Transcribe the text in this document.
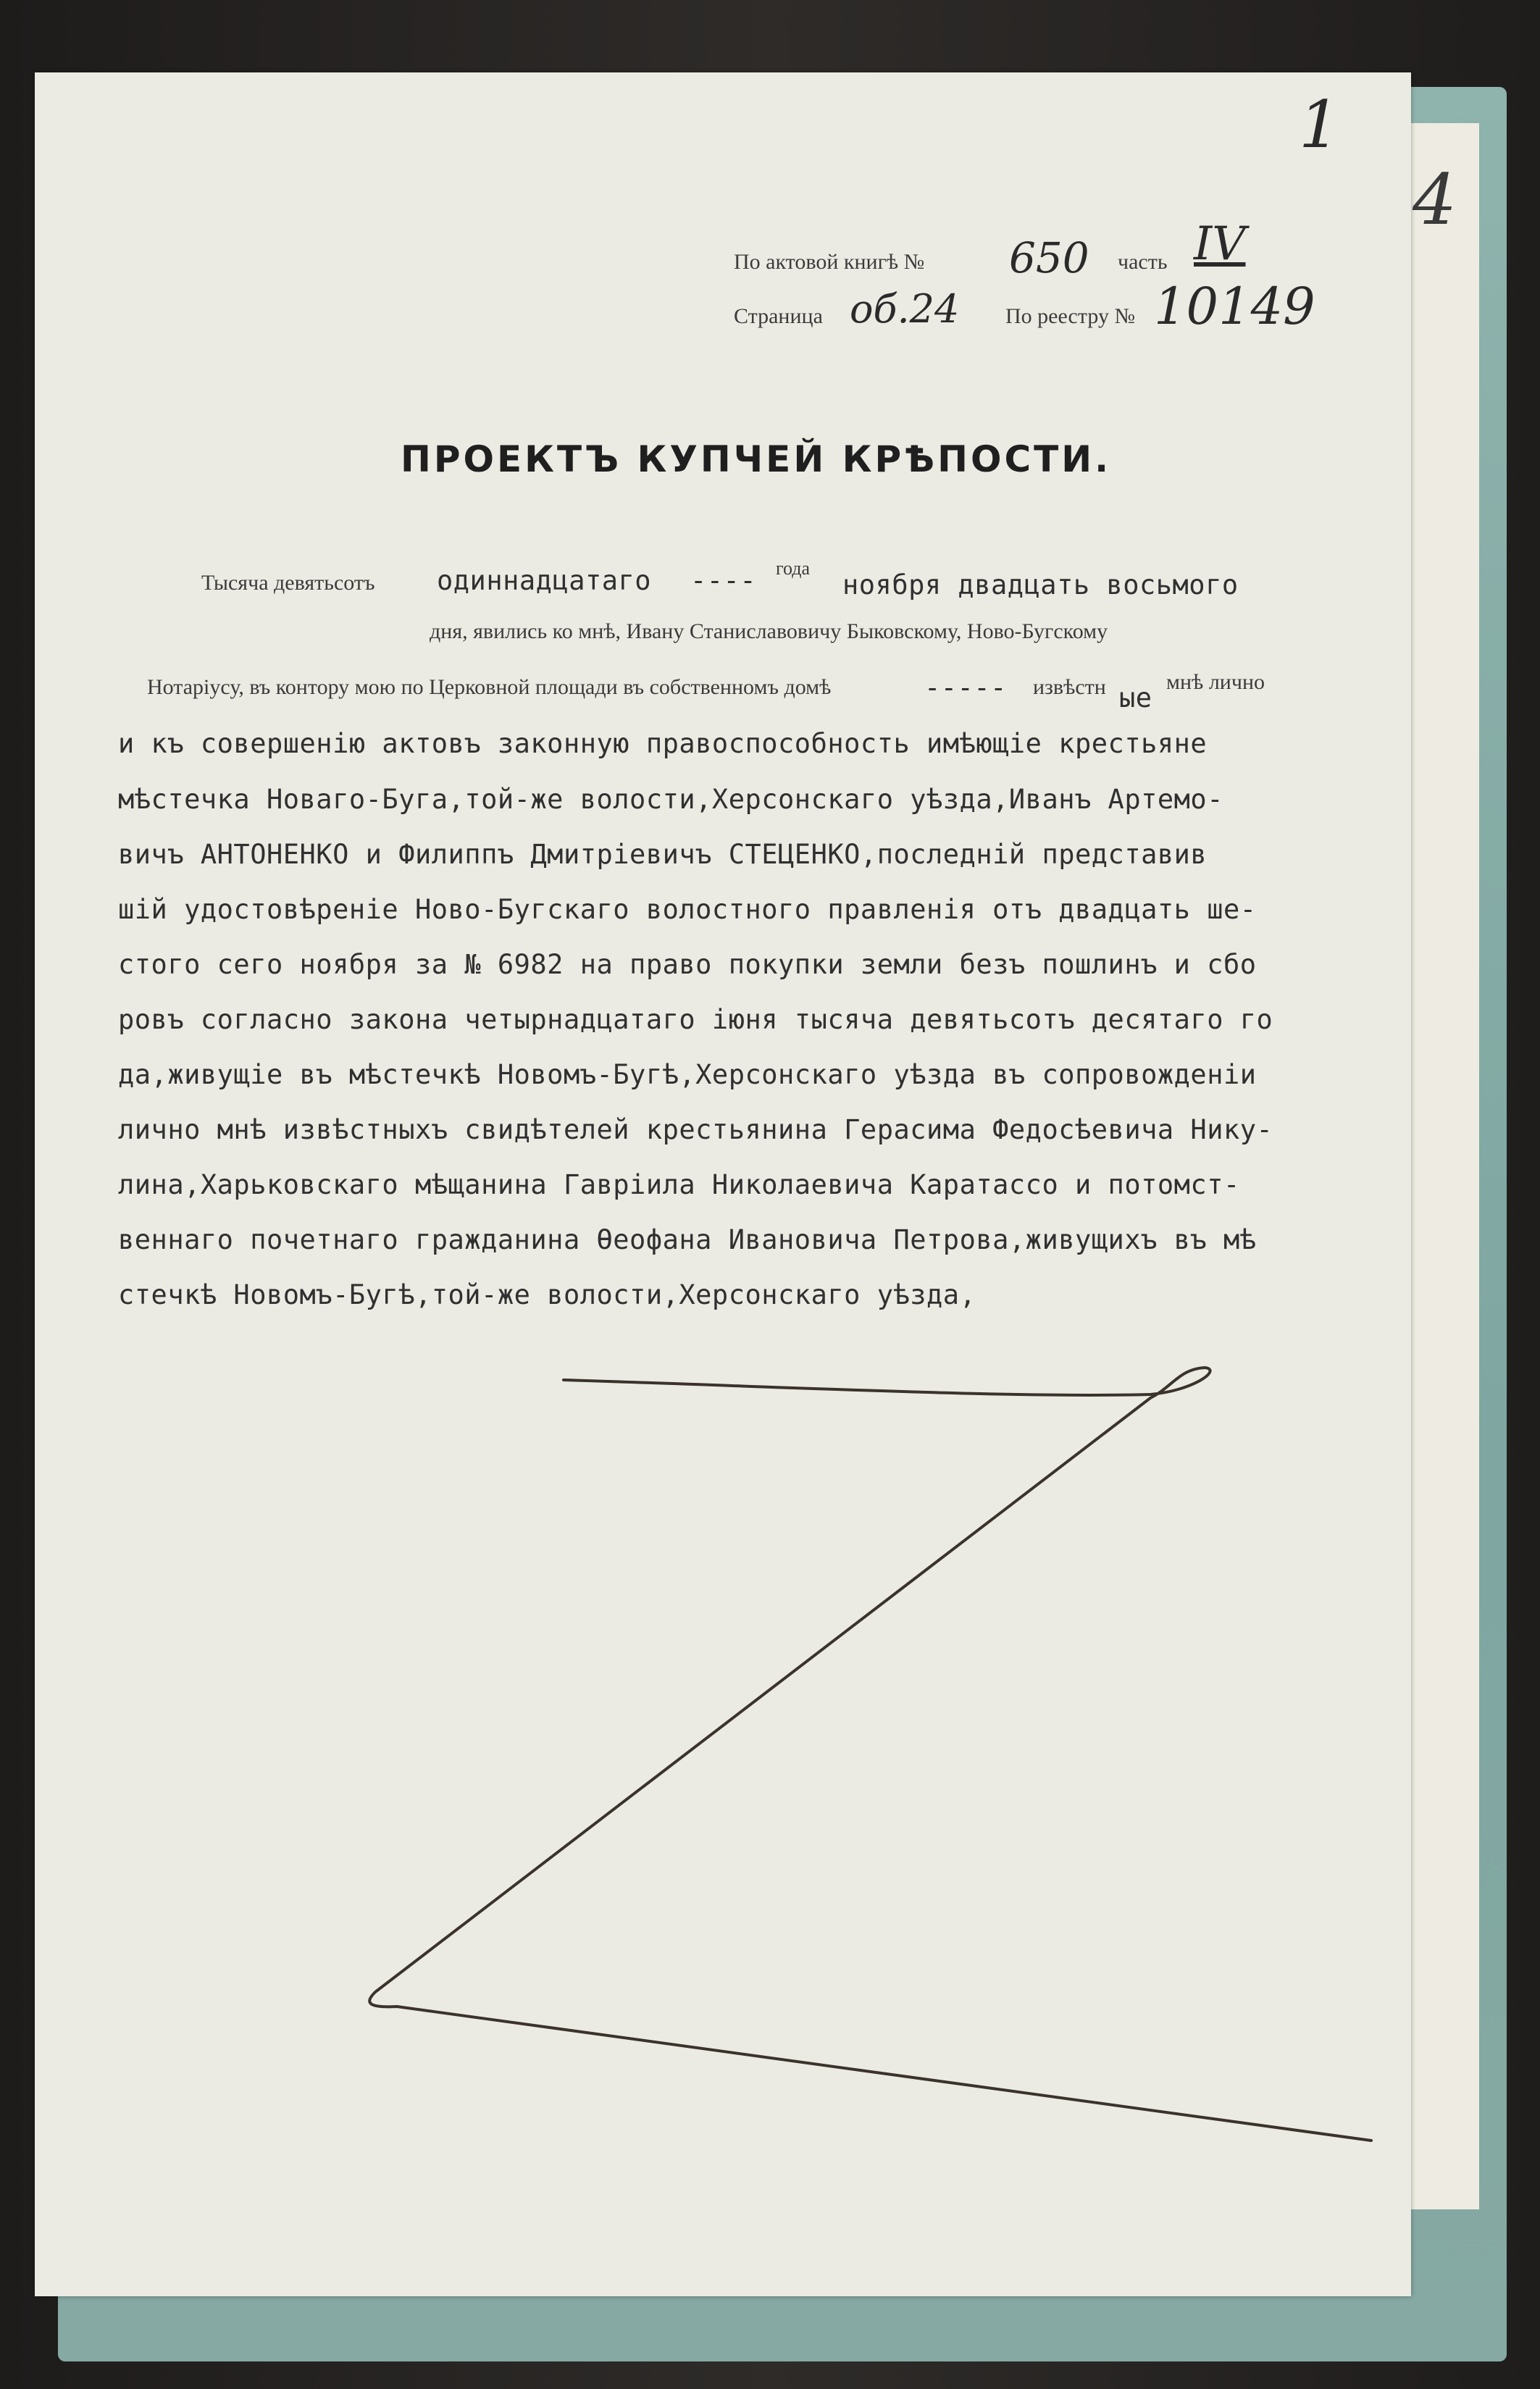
4
1
По актовой книгѣ № 650 часть IV
Страница об.24 По реестру № 10149
ПРОЕКТЪ КУПЧЕЙ КРѢПОСТИ.
Тысяча девятьсотъ одиннадцатаго ---- года
ноября двадцать восьмого
дня, явились ко мнѣ, Ивану Станиславовичу Быковскому, Ново-Бугскому
Нотаріусу, въ контору мою по Церковной площади въ собственномъ домѣ	----- извѣстн ые
мнѣ лично
и къ совершенію актовъ законную правоспособность имѣющіе крестьяне
мѣстечка Новаго-Буга,той-же волости,Херсонскаго уѣзда,Иванъ Артемо-
вичъ АНТОНЕНКО и Филиппъ Дмитріевичъ СТЕЦЕНКО,последній представив
шій удостовѣреніе Ново-Бугскаго волостного правленія отъ двадцать ше-
стого сего ноября за № 6982 на право покупки земли безъ пошлинъ и сбо
ровъ согласно закона четырнадцатаго іюня тысяча девятьсотъ десятаго го
да,живущіе въ мѣстечкѣ Новомъ-Бугѣ,Херсонскаго уѣзда въ сопровожденіи
лично мнѣ извѣстныхъ свидѣтелей крестьянина Герасима Федосѣевича Нику-
лина,Харьковскаго мѣщанина Гавріила Николаевича Каратассо и потомст-
веннаго почетнаго гражданина Ѳеофана Ивановича Петрова,живущихъ въ мѣ
стечкѣ Новомъ-Бугѣ,той-же волости,Херсонскаго уѣзда,
